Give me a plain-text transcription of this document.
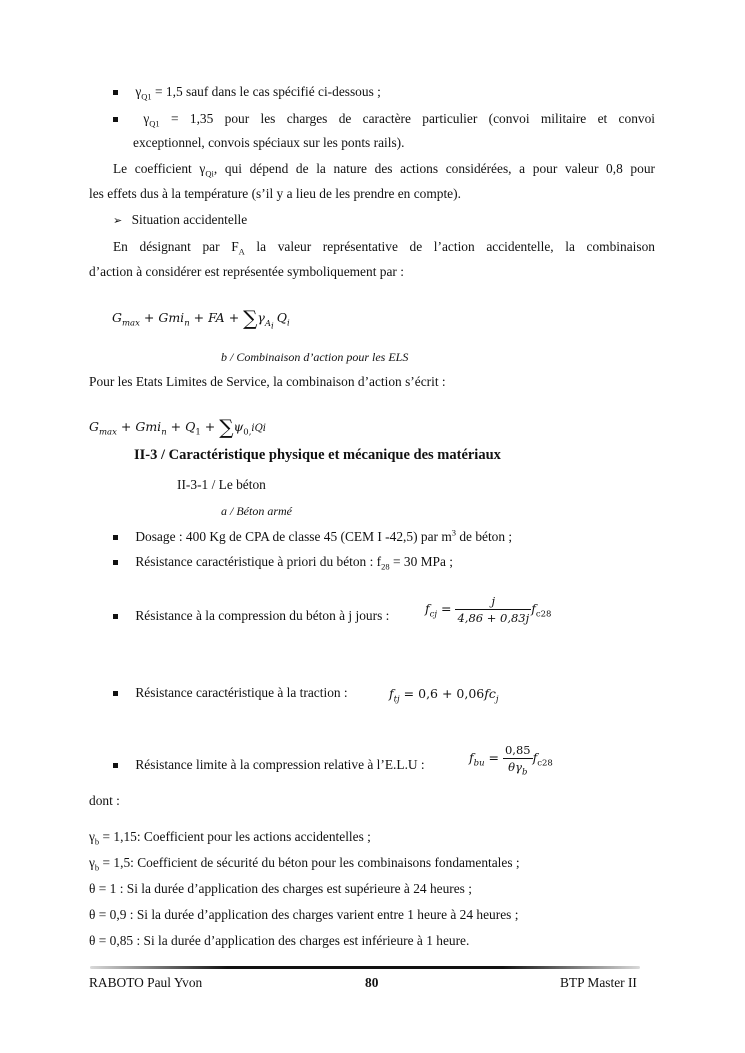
$\gamma_{Q1} = 1,5$ sauf dans le cas spécifié ci-dessous ;
$\gamma_{Q1} = 1,35$ pour les charges de caractère particulier (convoi militaire et convoi
exceptionnel, convois spéciaux sur les ponts rails).
Le coefficient $\gamma_{Qi}$, qui dépend de la nature des actions considérées, a pour valeur 0,8 pour
les effets dus à la température (s’il y a lieu de les prendre en compte).
➢ Situation accidentelle
En désignant par $F_A$ la valeur représentative de l’action accidentelle, la combinaison
d’action à considérer est représentée symboliquement par :
$G_{max} + Gmi_n$ + FA + $\sum\gamma_{A_i}Q_i$
b / Combinaison d’action pour les ELS
Pour les Etats Limites de Service, la combinaison d’action s’écrit :
$G_{max} + Gmi_n + Q_1 + \sum\psi_{0,}iQi$
II-3 / Caractéristique physique et mécanique des matériaux
II-3-1 / Le béton
a / Béton armé
Dosage : 400 Kg de CPA de classe 45 (CEM I -42,5) par $m^3$ de béton ;
Résistance caractéristique à priori du béton : $f_{28} = 30$ MPa ;
Résistance à la compression du béton à j jours :	$f_{cj} = \frac{j}{4,86 + 0,83j} f_{c28}$
Résistance caractéristique à la traction :	$f_{tj} = 0,6 + 0,06fc_j$
Résistance limite à la compression relative à l’E.L.U :	$f_{bu} = \frac{0,85}{\theta\gamma_b} f_{c28}$
dont :
$\gamma_b = 1,15$: Coefficient pour les actions accidentelles ;
$\gamma_b = 1,5$: Coefficient de sécurité du béton pour les combinaisons fondamentales ;
θ = 1 : Si la durée d’application des charges est supérieure à 24 heures ;
θ = 0,9 : Si la durée d’application des charges varient entre 1 heure à 24 heures ;
θ = 0,85 : Si la durée d’application des charges est inférieure à 1 heure.
RABOTO Paul Yvon	80	BTP Master II
